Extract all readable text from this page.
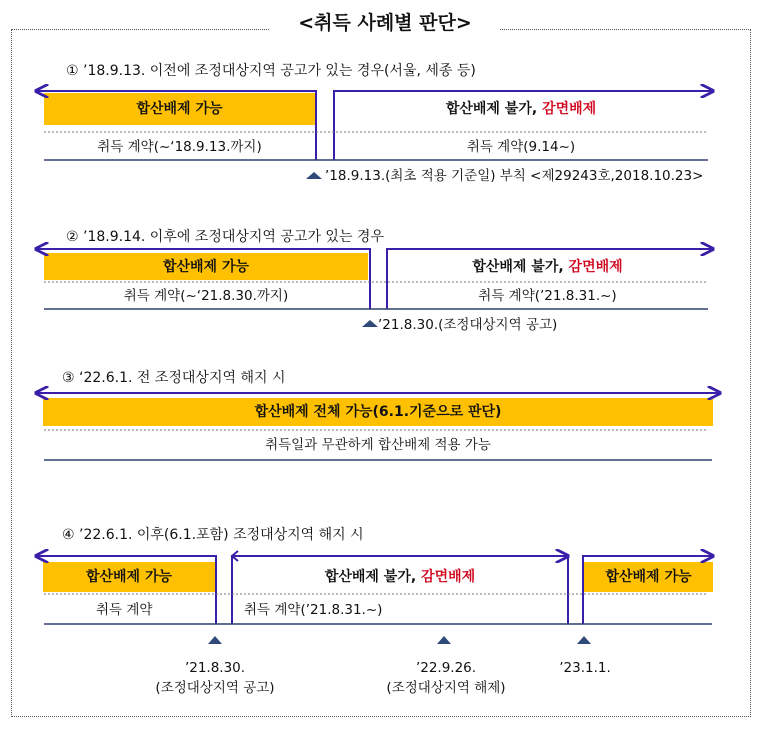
<취득 사례별 판단>
① ’18.9.13. 이전에 조정대상지역 공고가 있는 경우(서울, 세종 등)
합산배제 가능	합산배제 불가, 감면배제
취득 계약(~‘18.9.13.까지)	취득 계약(9.14~)
’18.9.13.(최초 적용 기준일) 부칙 <제29243호,2018.10.23>
② ’18.9.14. 이후에 조정대상지역 공고가 있는 경우
합산배제 가능	합산배제 불가, 감면배제
취득 계약(~‘21.8.30.까지)	취득 계약(’21.8.31.~)
’21.8.30.(조정대상지역 공고)
③ ‘22.6.1. 전 조정대상지역 해지 시
합산배제 전체 가능(6.1.기준으로 판단)
취득일과 무관하게 합산배제 적용 가능
④ ’22.6.1. 이후(6.1.포함) 조정대상지역 해지 시
합산배제 가능	합산배제 불가, 감면배제	합산배제 가능
취득 계약	취득 계약(’21.8.31.~)
’21.8.30.
(조정대상지역 공고)
’22.9.26.
(조정대상지역 해제)
’23.1.1.
